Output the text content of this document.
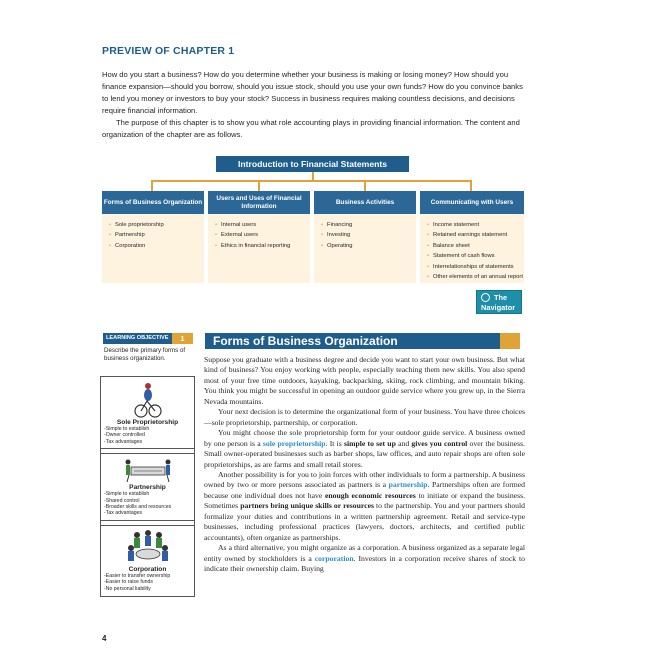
PREVIEW OF CHAPTER 1

How do you start a business? How do you determine whether your business is making or losing money? How should you finance expansion—should you borrow, should you issue stock, should you use your own funds? How do you convince banks to lend you money or investors to buy your stock? Success in business requires making countless decisions, and decisions require financial information.

The purpose of this chapter is to show you what role accounting plays in providing financial information. The content and organization of the chapter are as follows.

Introduction to Financial Statements
Forms of Business Organization
Users and Uses of Financial Information
Business Activities	Communicating with Users
• Sole proprietorship
• Partnership
• Corporation
• Internal users
• External users
• Ethics in financial reporting
• Financing
• Investing
• Operating
• Income statement
• Retained earnings statement
• Balance sheet
• Statement of cash flows
• Interrelationships of statements
• Other elements of an annual report
The
Navigator
LEARNING OBJECTIVE	1
Describe the primary forms of business organization.
Sole Proprietorship
-Simple to establish
-Owner controlled
-Tax advantages
Partnership
-Simple to establish
-Shared control
-Broader skills and resources
-Tax advantages
Corporation
-Easier to transfer ownership
-Easier to raise funds
-No personal liability
Forms of Business Organization

Suppose you graduate with a business degree and decide you want to start your own business. But what kind of business? You enjoy working with people, especially teaching them new skills. You also spend most of your free time outdoors, kayaking, backpacking, skiing, rock climbing, and mountain biking. You think you might be successful in opening an outdoor guide service where you grew up, in the Sierra Nevada mountains.

Your next decision is to determine the organizational form of your business. You have three choices—sole proprietorship, partnership, or corporation.

You might choose the sole proprietorship form for your outdoor guide service. A business owned by one person is a sole proprietorship. It is simple to set up and gives you control over the business. Small owner-operated businesses such as barber shops, law offices, and auto repair shops are often sole proprietorships, as are farms and small retail stores.

Another possibility is for you to join forces with other individuals to form a partnership. A business owned by two or more persons associated as partners is a partnership. Partnerships often are formed because one individual does not have enough economic resources to initiate or expand the business. Sometimes partners bring unique skills or resources to the partnership. You and your partners should formalize your duties and contributions in a written partnership agreement. Retail and service-type businesses, including professional practices (lawyers, doctors, architects, and certified public accountants), often organize as partnerships.

As a third alternative, you might organize as a corporation. A business organized as a separate legal entity owned by stockholders is a corporation. Investors in a corporation receive shares of stock to indicate their ownership claim. Buying

4
